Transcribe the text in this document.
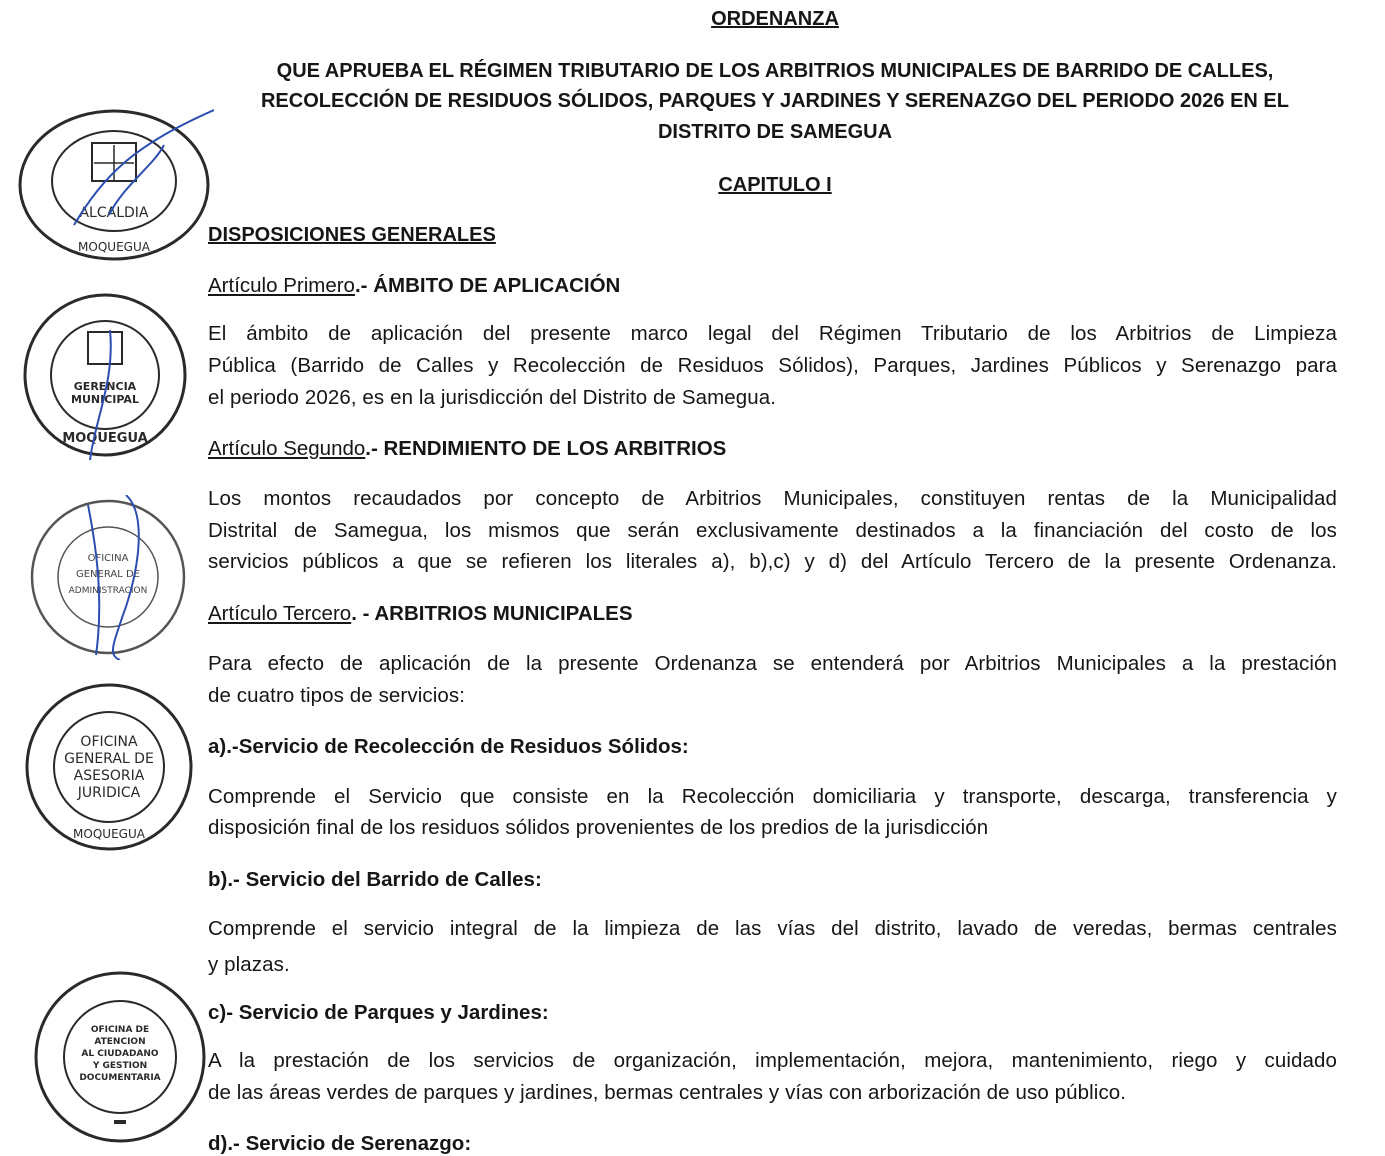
ORDENANZA
QUE APRUEBA EL RÉGIMEN TRIBUTARIO DE LOS ARBITRIOS MUNICIPALES DE BARRIDO DE CALLES,
RECOLECCIÓN DE RESIDUOS SÓLIDOS, PARQUES Y JARDINES Y SERENAZGO DEL PERIODO 2026 EN EL
DISTRITO DE SAMEGUA
CAPITULO I
DISPOSICIONES GENERALES
Artículo Primero.- ÁMBITO DE APLICACIÓN
El ámbito de aplicación del presente marco legal del Régimen Tributario de los Arbitrios de Limpieza
Pública (Barrido de Calles y Recolección de Residuos Sólidos), Parques, Jardines Públicos y Serenazgo para
el periodo 2026, es en la jurisdicción del Distrito de Samegua.
Artículo Segundo.- RENDIMIENTO DE LOS ARBITRIOS
Los montos recaudados por concepto de Arbitrios Municipales, constituyen rentas de la Municipalidad
Distrital de Samegua, los mismos que serán exclusivamente destinados a la financiación del costo de los
servicios públicos a que se refieren los literales a), b),c) y d) del Artículo Tercero de la presente Ordenanza.
Artículo Tercero. - ARBITRIOS MUNICIPALES
Para efecto de aplicación de la presente Ordenanza se entenderá por Arbitrios Municipales a la prestación
de cuatro tipos de servicios:
a).-Servicio de Recolección de Residuos Sólidos:
Comprende el Servicio que consiste en la Recolección domiciliaria y transporte, descarga, transferencia y
disposición final de los residuos sólidos provenientes de los predios de la jurisdicción
b).- Servicio del Barrido de Calles:
Comprende el servicio integral de la limpieza de las vías del distrito, lavado de veredas, bermas centrales
y plazas.
c)- Servicio de Parques y Jardines:
A la prestación de los servicios de organización, implementación, mejora, mantenimiento, riego y cuidado
de las áreas verdes de parques y jardines, bermas centrales y vías con arborización de uso público.
d).- Servicio de Serenazgo:
ALCALDIA
MOQUEGUA
GERENCIA
MUNICIPAL
MOQUEGUA
OFICINA
GENERAL DE
ADMINISTRACION
OFICINA
GENERAL DE
ASESORIA
JURIDICA
MOQUEGUA
OFICINA DE
ATENCION
AL CIUDADANO
Y GESTION
DOCUMENTARIA
